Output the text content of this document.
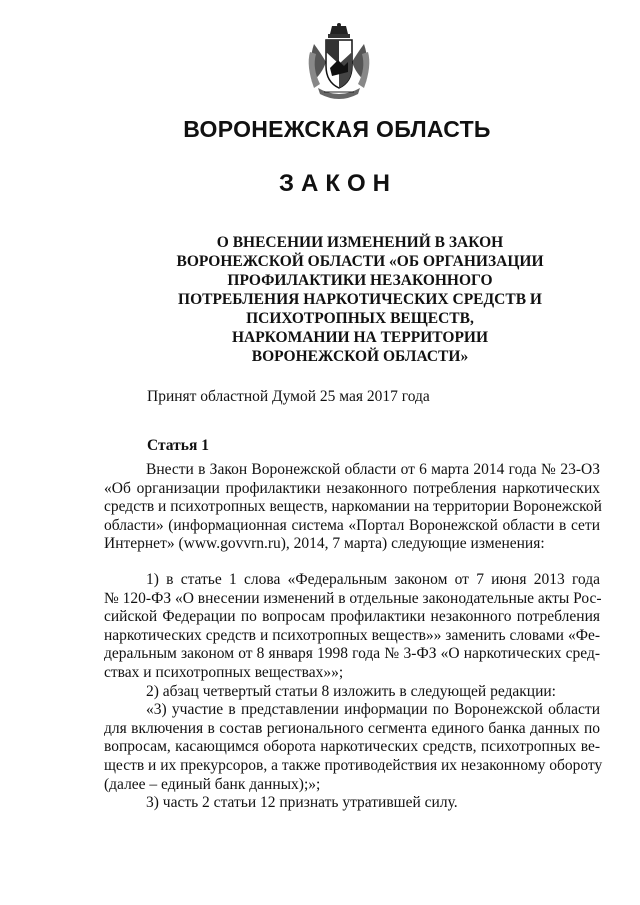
ВОРОНЕЖСКАЯ ОБЛАСТЬ
ЗАКОН
О ВНЕСЕНИИ ИЗМЕНЕНИЙ В ЗАКОН
ВОРОНЕЖСКОЙ ОБЛАСТИ «ОБ ОРГАНИЗАЦИИ
ПРОФИЛАКТИКИ НЕЗАКОННОГО
ПОТРЕБЛЕНИЯ НАРКОТИЧЕСКИХ СРЕДСТВ И
ПСИХОТРОПНЫХ ВЕЩЕСТВ,
НАРКОМАНИИ НА ТЕРРИТОРИИ
ВОРОНЕЖСКОЙ ОБЛАСТИ»
Принят областной Думой 25 мая 2017 года
Статья 1
Внести в Закон Воронежской области от 6 марта 2014 года № 23-ОЗ
«Об организации профилактики незаконного потребления наркотических
средств и психотропных веществ, наркомании на территории Воронежской
области» (информационная система «Портал Воронежской области в сети
Интернет» (www.govvrn.ru), 2014, 7 марта) следующие изменения:
1) в статье 1 слова «Федеральным законом от 7 июня 2013 года
№ 120-ФЗ «О внесении изменений в отдельные законодательные акты Рос-
сийской Федерации по вопросам профилактики незаконного потребления
наркотических средств и психотропных веществ»» заменить словами «Фе-
деральным законом от 8 января 1998 года № 3-ФЗ «О наркотических сред-
ствах и психотропных веществах»»;
2) абзац четвертый статьи 8 изложить в следующей редакции:
«3) участие в представлении информации по Воронежской области
для включения в состав регионального сегмента единого банка данных по
вопросам, касающимся оборота наркотических средств, психотропных ве-
ществ и их прекурсоров, а также противодействия их незаконному обороту
(далее – единый банк данных);»;
3) часть 2 статьи 12 признать утратившей силу.
